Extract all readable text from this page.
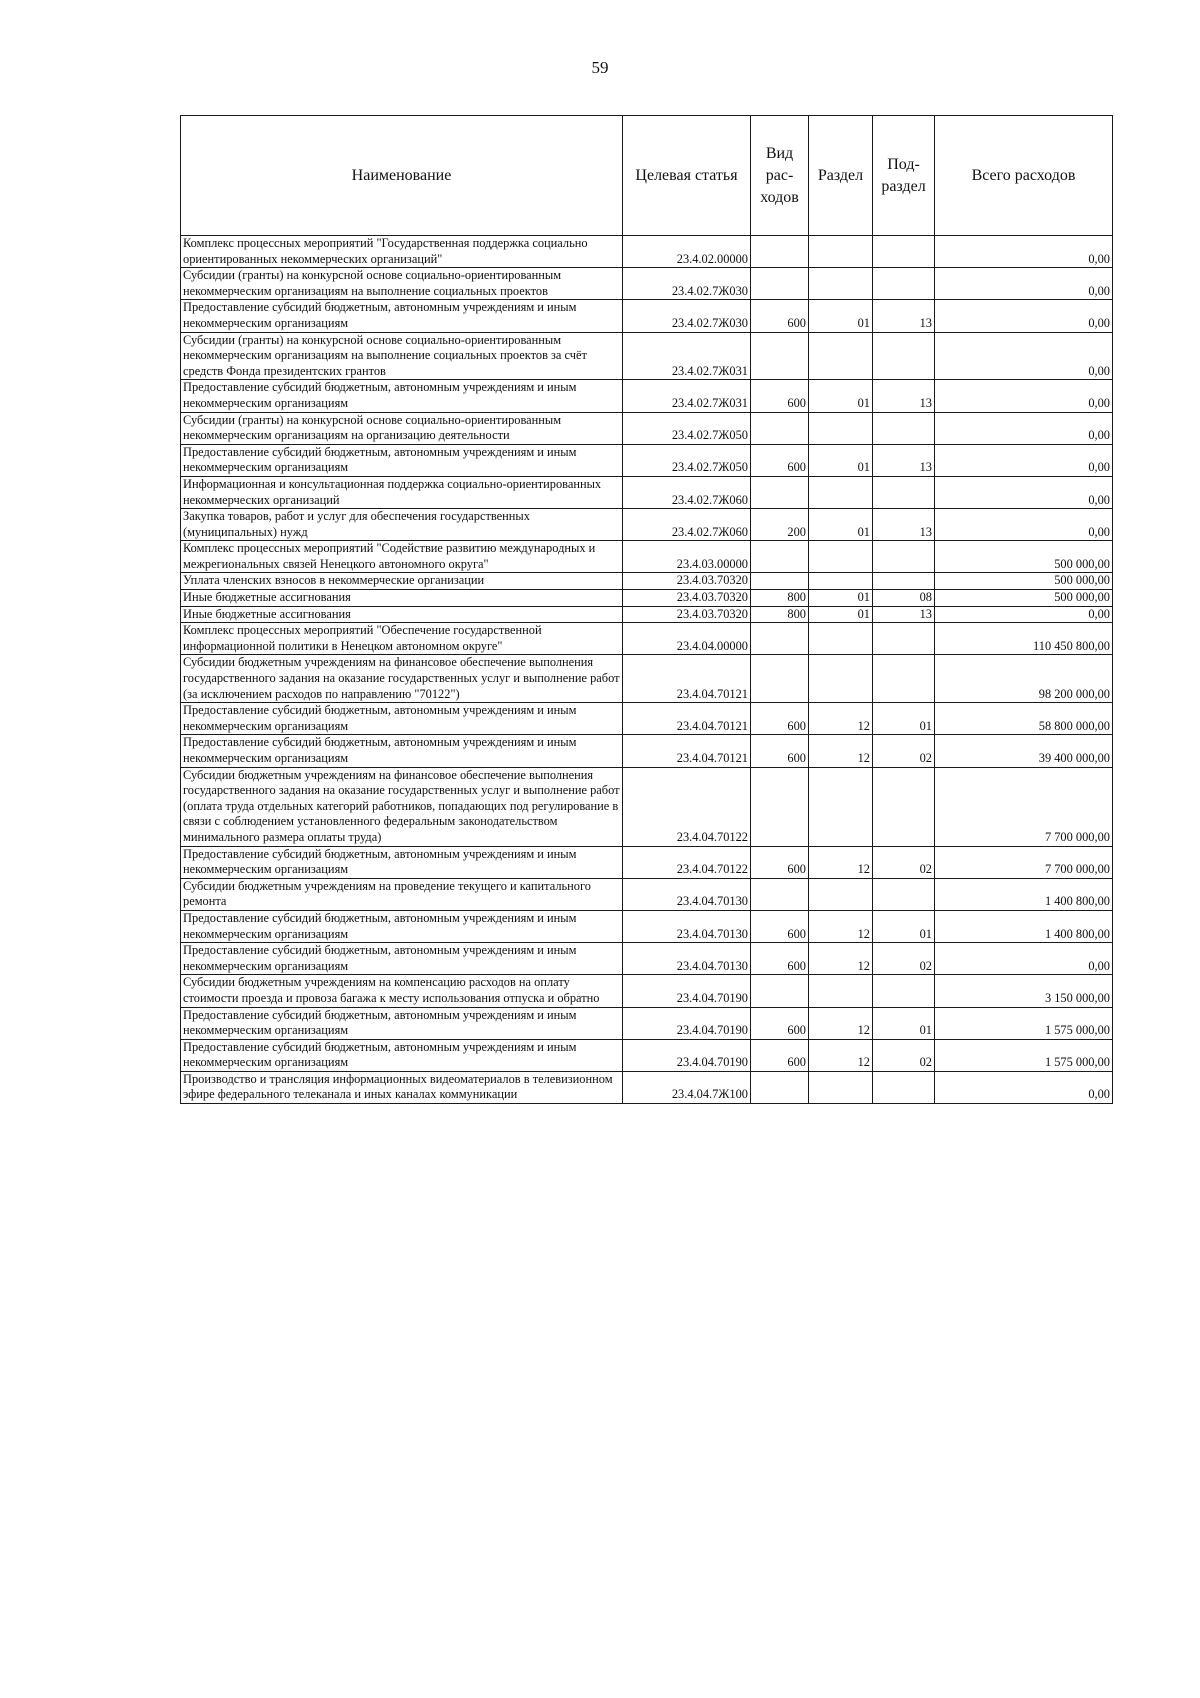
59
Наименование	Целевая статья	Вид рас-ходов	Раздел	Под-раздел	Всего расходов
Комплекс процессных мероприятий "Государственная поддержка социально ориентированных некоммерческих организаций"	23.4.02.00000				0,00
Субсидии (гранты) на конкурсной основе социально-ориентированным некоммерческим организациям на выполнение социальных проектов	23.4.02.7Ж030				0,00
Предоставление субсидий бюджетным, автономным учреждениям и иным некоммерческим организациям	23.4.02.7Ж030	600	01	13	0,00
Субсидии (гранты) на конкурсной основе социально-ориентированным некоммерческим организациям на выполнение социальных проектов за счёт средств Фонда президентских грантов	23.4.02.7Ж031				0,00
Предоставление субсидий бюджетным, автономным учреждениям и иным некоммерческим организациям	23.4.02.7Ж031	600	01	13	0,00
Субсидии (гранты) на конкурсной основе социально-ориентированным некоммерческим организациям на организацию деятельности	23.4.02.7Ж050				0,00
Предоставление субсидий бюджетным, автономным учреждениям и иным некоммерческим организациям	23.4.02.7Ж050	600	01	13	0,00
Информационная и консультационная поддержка социально-ориентированных некоммерческих организаций	23.4.02.7Ж060				0,00
Закупка товаров, работ и услуг для обеспечения государственных (муниципальных) нужд	23.4.02.7Ж060	200	01	13	0,00
Комплекс процессных мероприятий "Содействие развитию международных и межрегиональных связей Ненецкого автономного округа"	23.4.03.00000				500 000,00
Уплата членских взносов в некоммерческие организации	23.4.03.70320				500 000,00
Иные бюджетные ассигнования	23.4.03.70320	800	01	08	500 000,00
Иные бюджетные ассигнования	23.4.03.70320	800	01	13	0,00
Комплекс процессных мероприятий "Обеспечение государственной информационной политики в Ненецком автономном округе"	23.4.04.00000				110 450 800,00
Субсидии бюджетным учреждениям на финансовое обеспечение выполнения государственного задания на оказание государственных услуг и выполнение работ (за исключением расходов по направлению "70122")	23.4.04.70121				98 200 000,00
Предоставление субсидий бюджетным, автономным учреждениям и иным некоммерческим организациям	23.4.04.70121	600	12	01	58 800 000,00
Предоставление субсидий бюджетным, автономным учреждениям и иным некоммерческим организациям	23.4.04.70121	600	12	02	39 400 000,00
Субсидии бюджетным учреждениям на финансовое обеспечение выполнения государственного задания на оказание государственных услуг и выполнение работ (оплата труда отдельных категорий работников, попадающих под регулирование в связи с соблюдением установленного федеральным законодательством минимального размера оплаты труда)	23.4.04.70122				7 700 000,00
Предоставление субсидий бюджетным, автономным учреждениям и иным некоммерческим организациям	23.4.04.70122	600	12	02	7 700 000,00
Субсидии бюджетным учреждениям на проведение текущего и капитального ремонта	23.4.04.70130				1 400 800,00
Предоставление субсидий бюджетным, автономным учреждениям и иным некоммерческим организациям	23.4.04.70130	600	12	01	1 400 800,00
Предоставление субсидий бюджетным, автономным учреждениям и иным некоммерческим организациям	23.4.04.70130	600	12	02	0,00
Субсидии бюджетным учреждениям на компенсацию расходов на оплату стоимости проезда и провоза багажа к месту использования отпуска и обратно	23.4.04.70190				3 150 000,00
Предоставление субсидий бюджетным, автономным учреждениям и иным некоммерческим организациям	23.4.04.70190	600	12	01	1 575 000,00
Предоставление субсидий бюджетным, автономным учреждениям и иным некоммерческим организациям	23.4.04.70190	600	12	02	1 575 000,00
Производство и трансляция информационных видеоматериалов в телевизионном эфире федерального телеканала и иных каналах коммуникации	23.4.04.7Ж100				0,00
